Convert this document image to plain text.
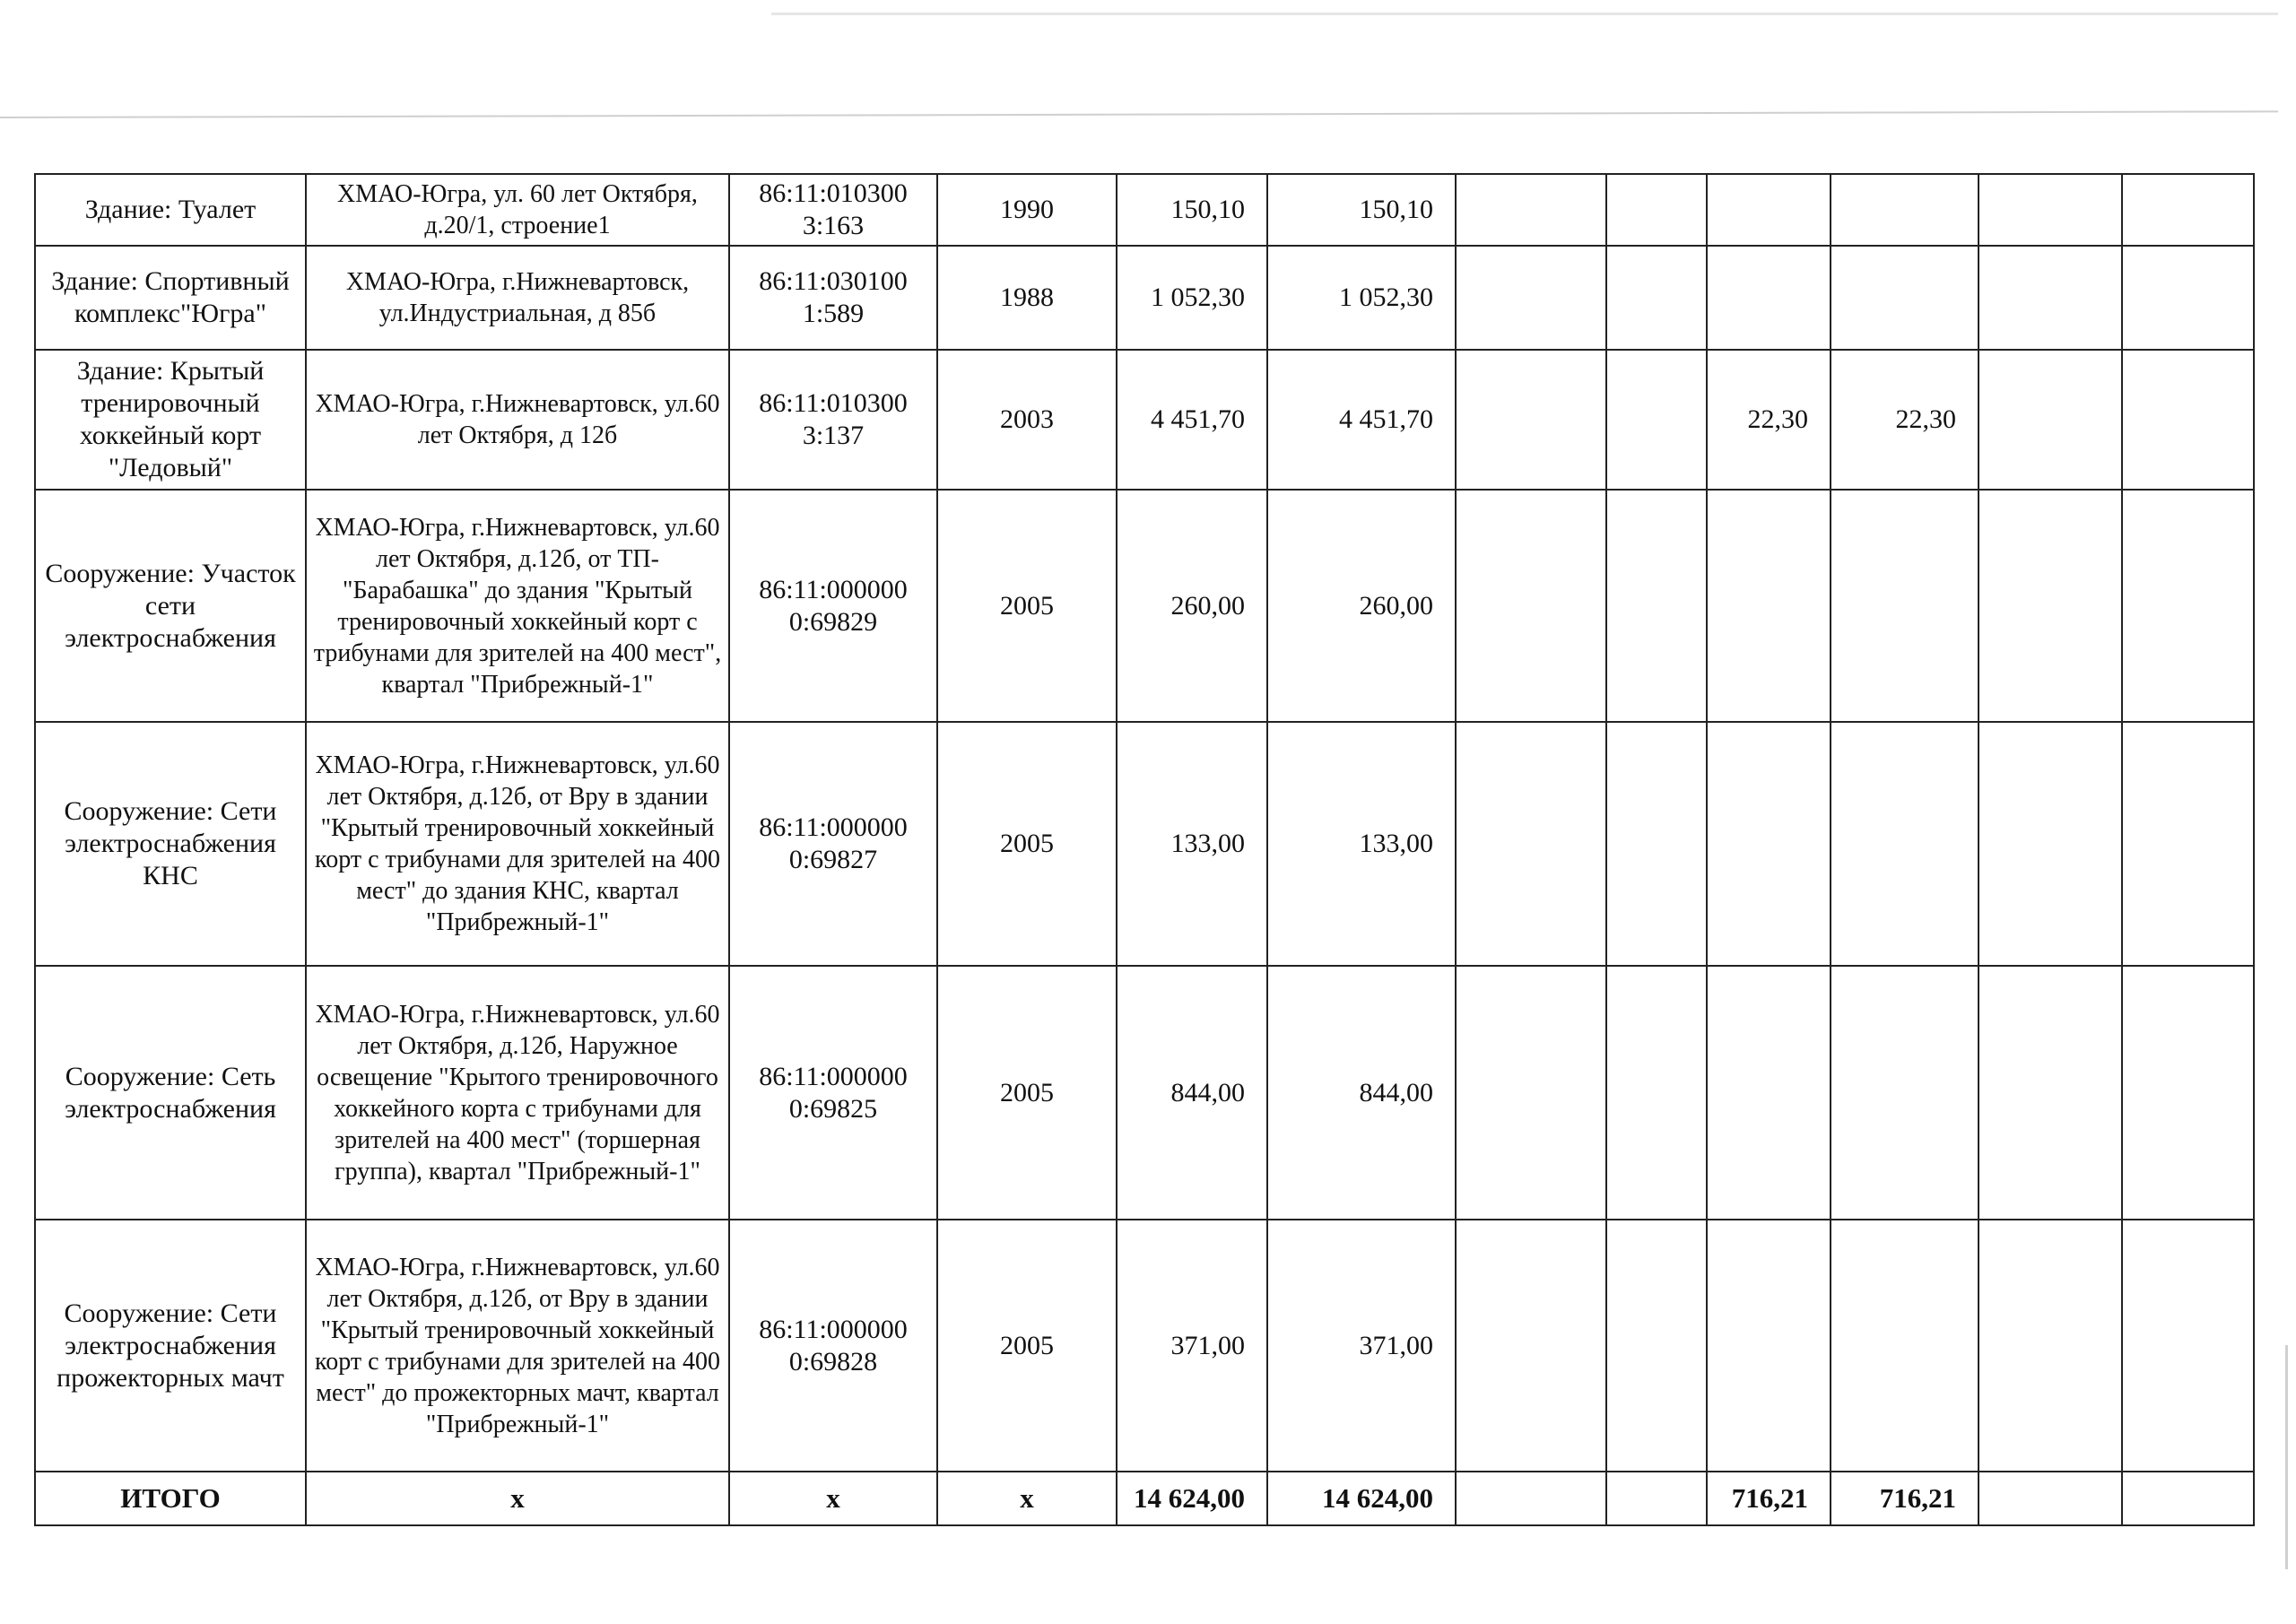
Здание: Туалет	ХМАО-Югра, ул. 60 лет Октября, д.20/1, строение1	86:11:010300 3:163	1990	150,10	150,10						
Здание: Спортивный комплекс"Югра"	ХМАО-Югра, г.Нижневартовск, ул.Индустриальная, д 85б	86:11:030100 1:589	1988	1 052,30	1 052,30						
Здание: Крытый тренировочный хоккейный корт "Ледовый"	ХМАО-Югра, г.Нижневартовск, ул.60 лет Октября, д 12б	86:11:010300 3:137	2003	4 451,70	4 451,70			22,30	22,30		
Сооружение: Участок сети электроснабжения	ХМАО-Югра, г.Нижневартовск, ул.60 лет Октября, д.12б, от ТП-"Барабашка" до здания "Крытый тренировочный хоккейный корт с трибунами для зрителей на 400 мест", квартал "Прибрежный-1"	86:11:000000 0:69829	2005	260,00	260,00						
Сооружение: Сети электроснабжения КНС	ХМАО-Югра, г.Нижневартовск, ул.60 лет Октября, д.12б, от Вру в здании "Крытый тренировочный хоккейный корт с трибунами для зрителей на 400 мест" до здания КНС, квартал "Прибрежный-1"	86:11:000000 0:69827	2005	133,00	133,00						
Сооружение: Сеть электроснабжения	ХМАО-Югра, г.Нижневартовск, ул.60 лет Октября, д.12б, Наружное освещение "Крытого тренировочного хоккейного корта с трибунами для зрителей на 400 мест" (торшерная группа), квартал "Прибрежный-1"	86:11:000000 0:69825	2005	844,00	844,00						
Сооружение: Сети электроснабжения прожекторных мачт	ХМАО-Югра, г.Нижневартовск, ул.60 лет Октября, д.12б, от Вру в здании "Крытый тренировочный хоккейный корт с трибунами для зрителей на 400 мест" до прожекторных мачт, квартал "Прибрежный-1"	86:11:000000 0:69828	2005	371,00	371,00						
ИТОГО	х	х	х	14 624,00	14 624,00			716,21	716,21		
